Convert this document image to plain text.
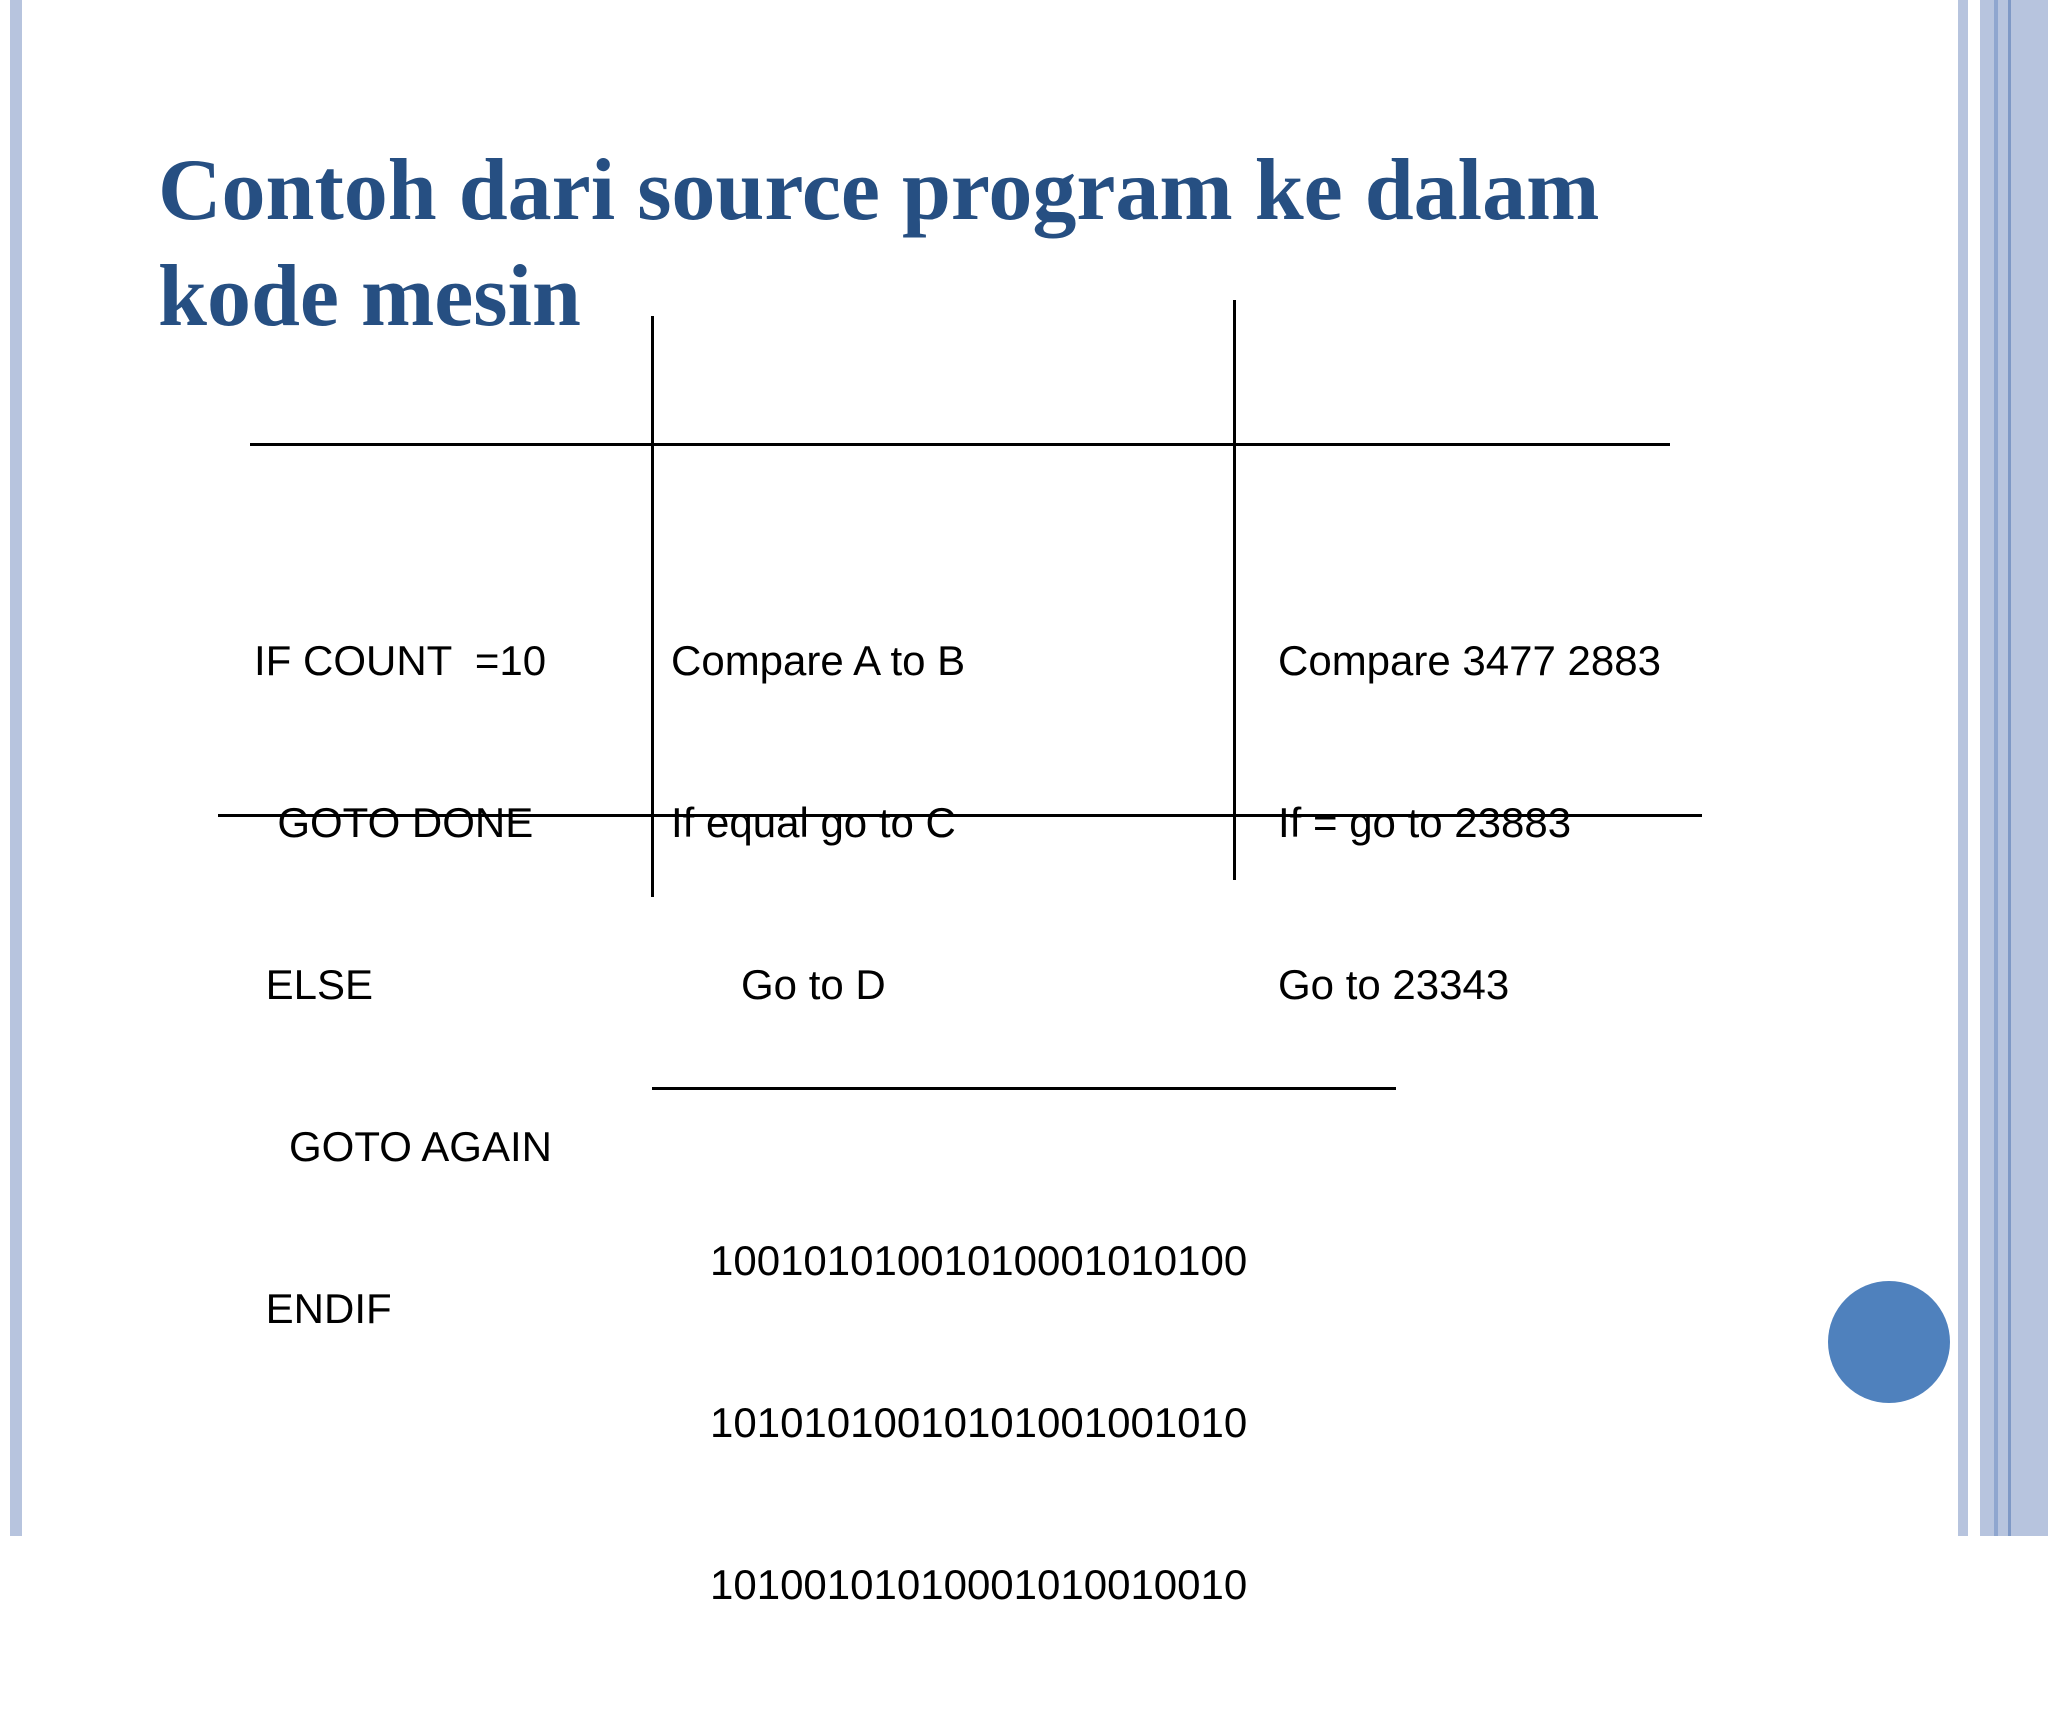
Contoh dari source program ke dalam
kode mesin

IF COUNT  =10

GOTO DONE

ELSE

GOTO AGAIN

ENDIF

Compare A to B

If equal go to C

Go to D

Compare 3477 2883

If = go to 23883

Go to 23343

10010101001010001010100

10101010010101001001010

10100101010001010010010
